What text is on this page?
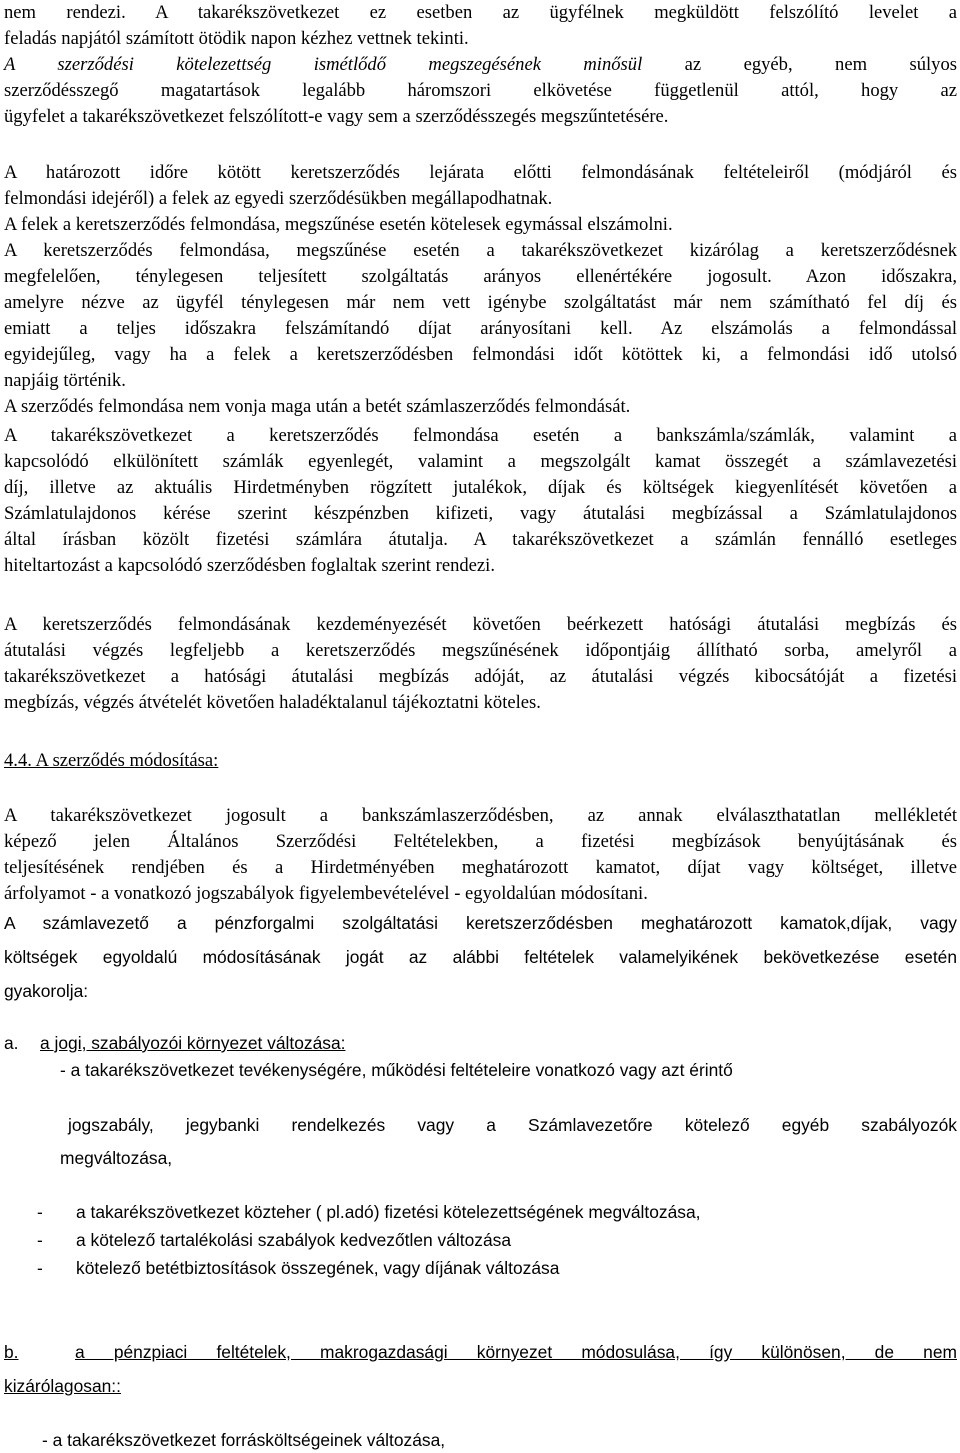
nem rendezi. A takarékszövetkezet ez esetben az ügyfélnek megküldött felszólító levelet a
feladás napjától számított ötödik napon kézhez vettnek tekinti.
A szerződési kötelezettség ismétlődő megszegésének minősül az egyéb, nem súlyos
szerződésszegő magatartások legalább háromszori elkövetése függetlenül attól, hogy az
ügyfelet a takarékszövetkezet felszólított-e vagy sem a szerződésszegés megszűntetésére.
A határozott időre kötött keretszerződés lejárata előtti felmondásának feltételeiről (módjáról és
felmondási idejéről) a felek az egyedi szerződésükben megállapodhatnak.
A felek a keretszerződés felmondása, megszűnése esetén kötelesek egymással elszámolni.
A keretszerződés felmondása, megszűnése esetén a takarékszövetkezet kizárólag a keretszerződésnek
megfelelően, ténylegesen teljesített szolgáltatás arányos ellenértékére jogosult. Azon időszakra,
amelyre nézve az ügyfél ténylegesen már nem vett igénybe szolgáltatást már nem számítható fel díj és
emiatt a teljes időszakra felszámítandó díjat arányosítani kell. Az elszámolás a felmondással
egyidejűleg, vagy ha a felek a keretszerződésben felmondási időt kötöttek ki, a felmondási idő utolsó
napjáig történik.
A szerződés felmondása nem vonja maga után a betét számlaszerződés felmondását.
A takarékszövetkezet a keretszerződés felmondása esetén a bankszámla/számlák, valamint a
kapcsolódó elkülönített számlák egyenlegét, valamint a megszolgált kamat összegét a számlavezetési
díj, illetve az aktuális Hirdetményben rögzített jutalékok, díjak és költségek kiegyenlítését követően a
Számlatulajdonos kérése szerint készpénzben kifizeti, vagy átutalási megbízással a Számlatulajdonos
által írásban közölt fizetési számlára átutalja. A takarékszövetkezet a számlán fennálló esetleges
hiteltartozást a kapcsolódó szerződésben foglaltak szerint rendezi.
A keretszerződés felmondásának kezdeményezését követően beérkezett hatósági átutalási megbízás és
átutalási végzés legfeljebb a keretszerződés megszűnésének időpontjáig állítható sorba, amelyről a
takarékszövetkezet a hatósági átutalási megbízás adóját, az átutalási végzés kibocsátóját a fizetési
megbízás, végzés átvételét követően haladéktalanul tájékoztatni köteles.
4.4. A szerződés módosítása:
A takarékszövetkezet jogosult a bankszámlaszerződésben, az annak elválaszthatatlan mellékletét
képező jelen Általános Szerződési Feltételekben, a fizetési megbízások benyújtásának és
teljesítésének rendjében és a Hirdetményében meghatározott kamatot, díjat vagy költséget, illetve
árfolyamot - a vonatkozó jogszabályok figyelembevételével - egyoldalúan módosítani.
A számlavezető a pénzforgalmi szolgáltatási keretszerződésben meghatározott kamatok,díjak, vagy
költségek egyoldalú módosításának jogát az alábbi feltételek valamelyikének bekövetkezése esetén
gyakorolja:
a. a jogi, szabályozói környezet változása:
- a takarékszövetkezet tevékenységére, működési feltételeire vonatkozó vagy azt érintő
jogszabály, jegybanki rendelkezés vagy a Számlavezetőre kötelező egyéb szabályozók
megváltozása,
- a takarékszövetkezet közteher ( pl.adó) fizetési kötelezettségének megváltozása,
- a kötelező tartalékolási szabályok kedvezőtlen változása
- kötelező betétbiztosítások összegének, vagy díjának változása
b.	a pénzpiaci feltételek, makrogazdasági környezet módosulása, így különösen, de nem
kizárólagosan::
- a takarékszövetkezet forrásköltségeinek változása,
